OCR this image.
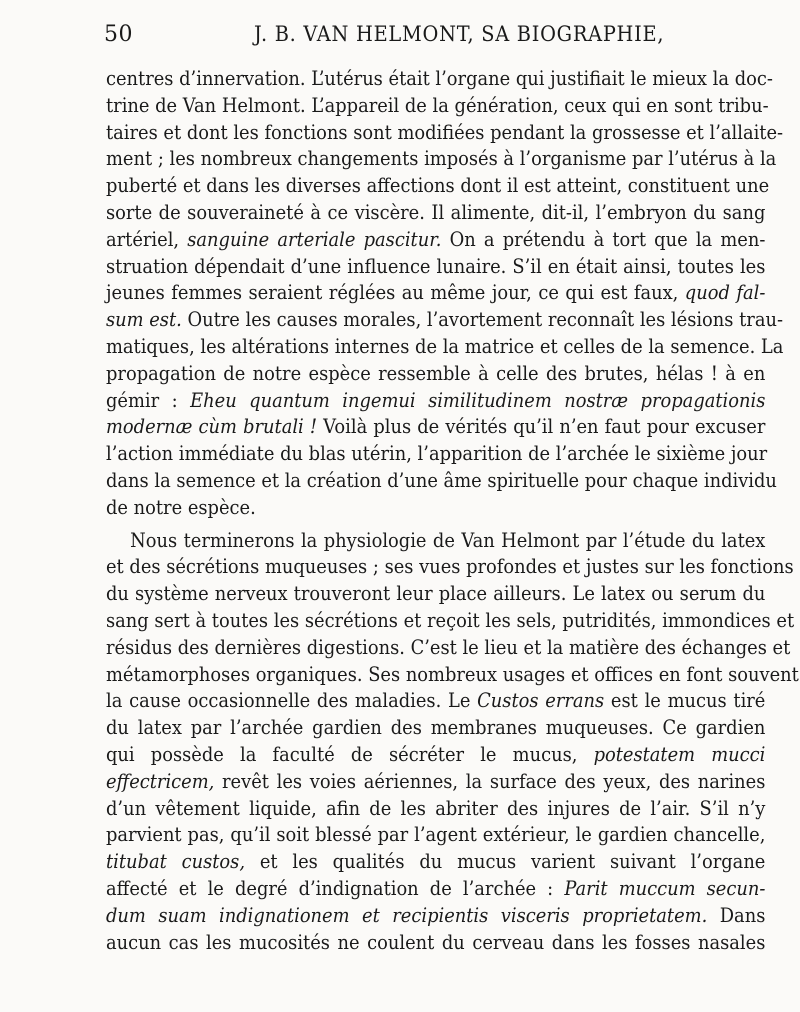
50	J. B. VAN HELMONT, SA BIOGRAPHIE,
centres d’innervation. L’utérus était l’organe qui justifiait le mieux la doc-
trine de Van Helmont. L’appareil de la génération, ceux qui en sont tribu-
taires et dont les fonctions sont modifiées pendant la grossesse et l’allaite-
ment ; les nombreux changements imposés à l’organisme par l’utérus à la
puberté et dans les diverses affections dont il est atteint, constituent une
sorte de souveraineté à ce viscère. Il alimente, dit-il, l’embryon du sang
artériel, sanguine arteriale pascitur. On a prétendu à tort que la men-
struation dépendait d’une influence lunaire. S’il en était ainsi, toutes les
jeunes femmes seraient réglées au même jour, ce qui est faux, quod fal-
sum est. Outre les causes morales, l’avortement reconnaît les lésions trau-
matiques, les altérations internes de la matrice et celles de la semence. La
propagation de notre espèce ressemble à celle des brutes, hélas ! à en
gémir : Eheu quantum ingemui similitudinem nostræ propagationis
modernæ cùm brutali ! Voilà plus de vérités qu’il n’en faut pour excuser
l’action immédiate du blas utérin, l’apparition de l’archée le sixième jour
dans la semence et la création d’une âme spirituelle pour chaque individu
de notre espèce.
Nous terminerons la physiologie de Van Helmont par l’étude du latex
et des sécrétions muqueuses ; ses vues profondes et justes sur les fonctions
du système nerveux trouveront leur place ailleurs. Le latex ou serum du
sang sert à toutes les sécrétions et reçoit les sels, putridités, immondices et
résidus des dernières digestions. C’est le lieu et la matière des échanges et
métamorphoses organiques. Ses nombreux usages et offices en font souvent
la cause occasionnelle des maladies. Le Custos errans est le mucus tiré
du latex par l’archée gardien des membranes muqueuses. Ce gardien
qui possède la faculté de sécréter le mucus, potestatem mucci
effectricem, revêt les voies aériennes, la surface des yeux, des narines
d’un vêtement liquide, afin de les abriter des injures de l’air. S’il n’y
parvient pas, qu’il soit blessé par l’agent extérieur, le gardien chancelle,
titubat custos, et les qualités du mucus varient suivant l’organe
affecté et le degré d’indignation de l’archée : Parit muccum secun-
dum suam indignationem et recipientis visceris proprietatem. Dans
aucun cas les mucosités ne coulent du cerveau dans les fosses nasales
